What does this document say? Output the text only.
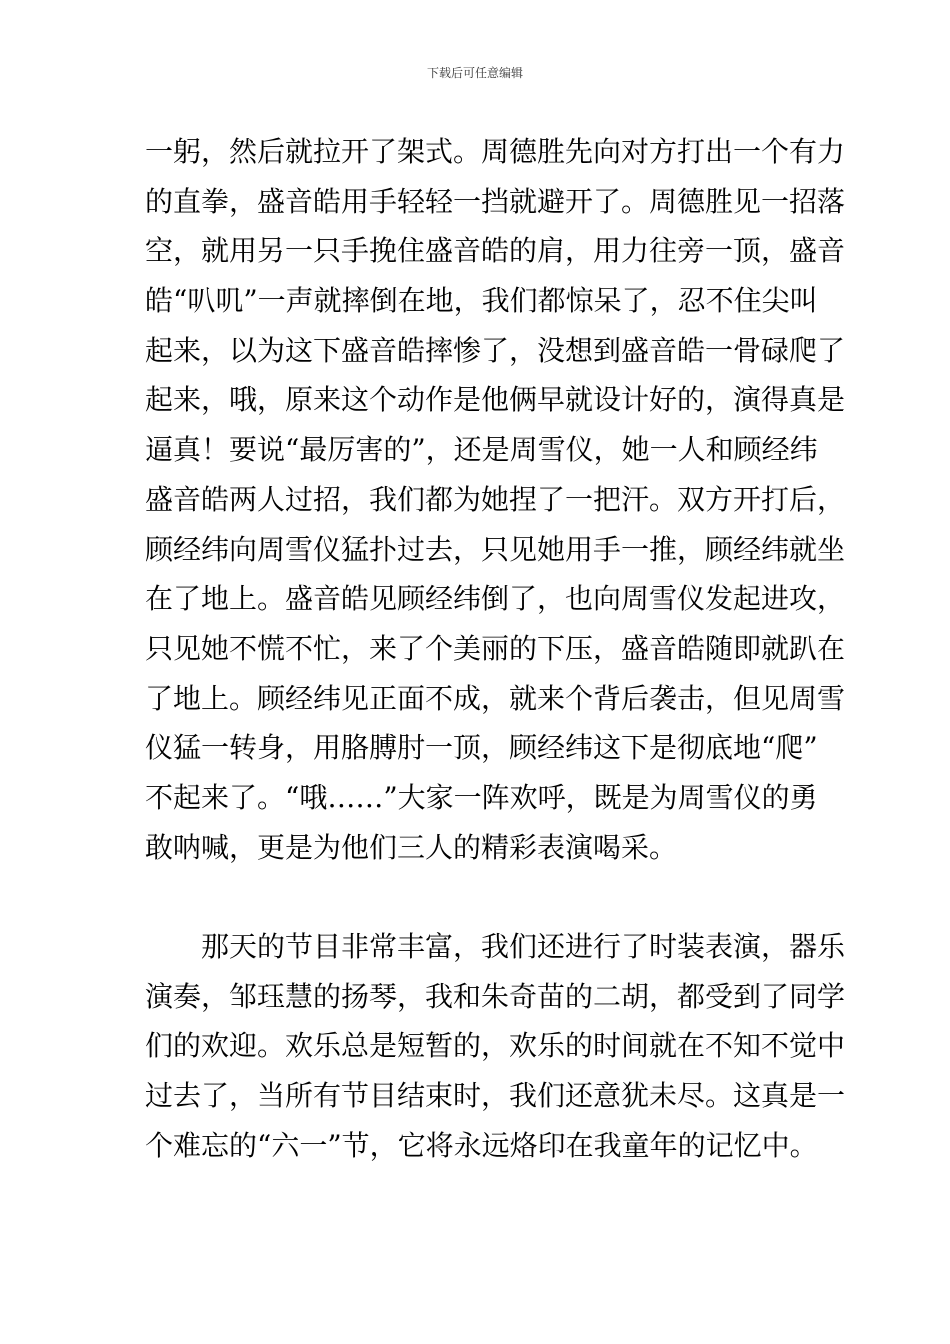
下载后可任意编辑
一躬，然后就拉开了架式。周德胜先向对方打出一个有力
的直拳，盛音皓用手轻轻一挡就避开了。周德胜见一招落
空，就用另一只手挽住盛音皓的肩，用力往旁一顶，盛音
皓“叭叽”一声就摔倒在地，我们都惊呆了，忍不住尖叫
起来，以为这下盛音皓摔惨了，没想到盛音皓一骨碌爬了
起来，哦，原来这个动作是他俩早就设计好的，演得真是
逼真！要说“最厉害的”，还是周雪仪，她一人和顾经纬
盛音皓两人过招，我们都为她捏了一把汗。双方开打后，
顾经纬向周雪仪猛扑过去，只见她用手一推，顾经纬就坐
在了地上。盛音皓见顾经纬倒了，也向周雪仪发起进攻，
只见她不慌不忙，来了个美丽的下压，盛音皓随即就趴在
了地上。顾经纬见正面不成，就来个背后袭击，但见周雪
仪猛一转身，用胳膊肘一顶，顾经纬这下是彻底地“爬”
不起来了。“哦……”大家一阵欢呼，既是为周雪仪的勇
敢呐喊，更是为他们三人的精彩表演喝采。
　　那天的节目非常丰富，我们还进行了时装表演，器乐
演奏，邹珏慧的扬琴，我和朱奇苗的二胡，都受到了同学
们的欢迎。欢乐总是短暂的，欢乐的时间就在不知不觉中
过去了，当所有节目结束时，我们还意犹未尽。这真是一
个难忘的“六一”节，它将永远烙印在我童年的记忆中。
